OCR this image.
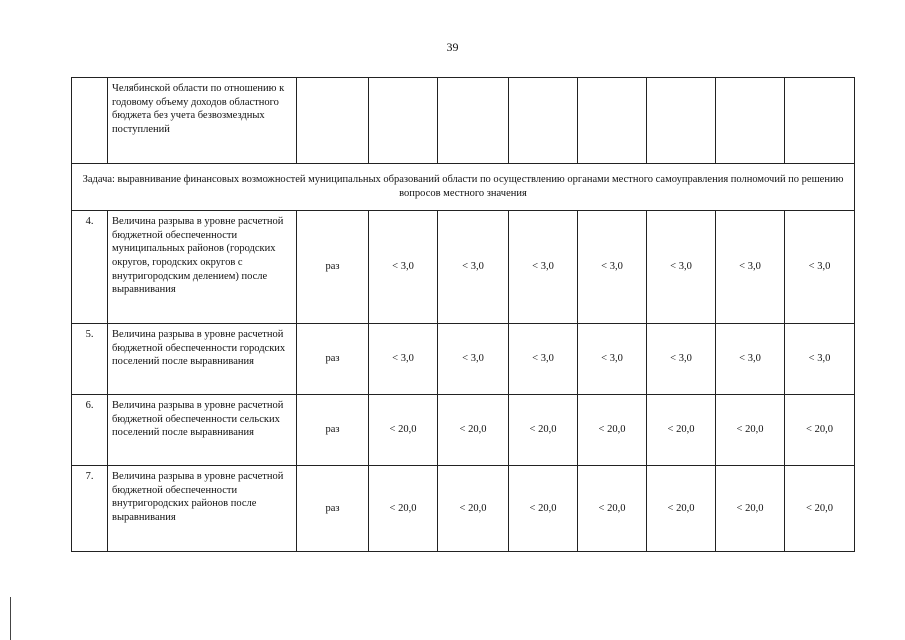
39
	Челябинской области по отношению к годовому объему доходов областного бюджета без учета безвозмездных поступлений								
Задача: выравнивание финансовых возможностей муниципальных образований области по осуществлению органами местного самоуправления полномочий по решению вопросов местного значения									
4.	Величина разрыва в уровне расчетной бюджетной обеспеченности муниципальных районов (городских округов, городских округов с внутригородским делением) после выравнивания	раз	< 3,0	< 3,0	< 3,0	< 3,0	< 3,0	< 3,0	< 3,0
5.	Величина разрыва в уровне расчетной бюджетной обеспеченности городских поселений после выравнивания	раз	< 3,0	< 3,0	< 3,0	< 3,0	< 3,0	< 3,0	< 3,0
6.	Величина разрыва в уровне расчетной бюджетной обеспеченности сельских поселений после выравнивания	раз	< 20,0	< 20,0	< 20,0	< 20,0	< 20,0	< 20,0	< 20,0
7.	Величина разрыва в уровне расчетной бюджетной обеспеченности внутригородских районов после выравнивания	раз	< 20,0	< 20,0	< 20,0	< 20,0	< 20,0	< 20,0	< 20,0
